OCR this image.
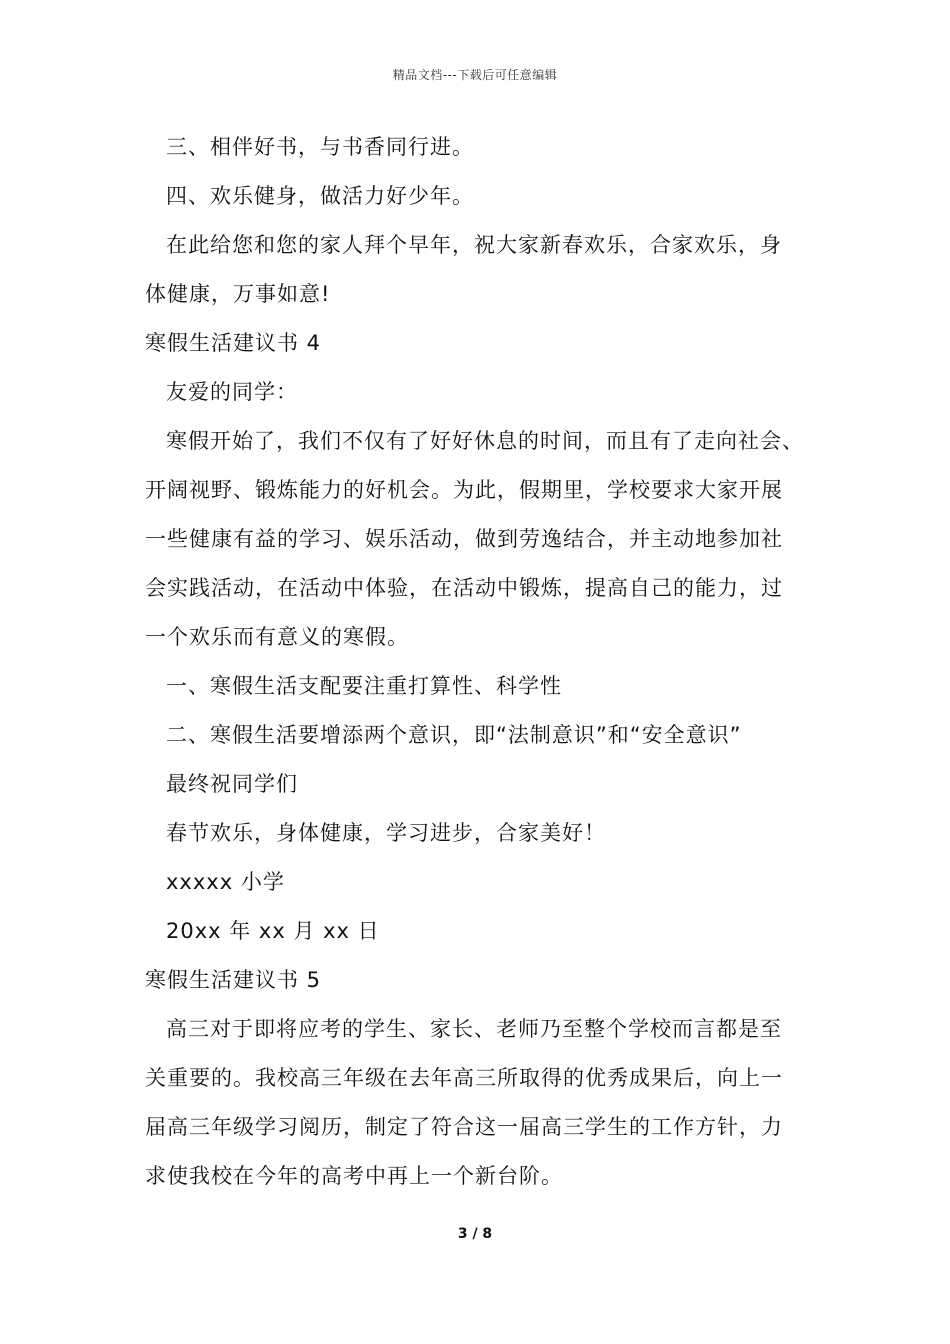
精品文档---下载后可任意编辑
三、相伴好书，与书香同行进。
四、欢乐健身，做活力好少年。
在此给您和您的家人拜个早年，祝大家新春欢乐，合家欢乐，身
体健康，万事如意!
寒假生活建议书 4
友爱的同学：
寒假开始了，我们不仅有了好好休息的时间，而且有了走向社会、
开阔视野、锻炼能力的好机会。为此，假期里，学校要求大家开展
一些健康有益的学习、娱乐活动，做到劳逸结合，并主动地参加社
会实践活动，在活动中体验，在活动中锻炼，提高自己的能力，过
一个欢乐而有意义的寒假。
一、寒假生活支配要注重打算性、科学性
二、寒假生活要增添两个意识，即“法制意识”和“安全意识”
最终祝同学们
春节欢乐，身体健康，学习进步，合家美好！
xxxxx 小学
20xx 年 xx 月 xx 日
寒假生活建议书 5
高三对于即将应考的学生、家长、老师乃至整个学校而言都是至
关重要的。我校高三年级在去年高三所取得的优秀成果后，向上一
届高三年级学习阅历，制定了符合这一届高三学生的工作方针，力
求使我校在今年的高考中再上一个新台阶。
3 / 8
